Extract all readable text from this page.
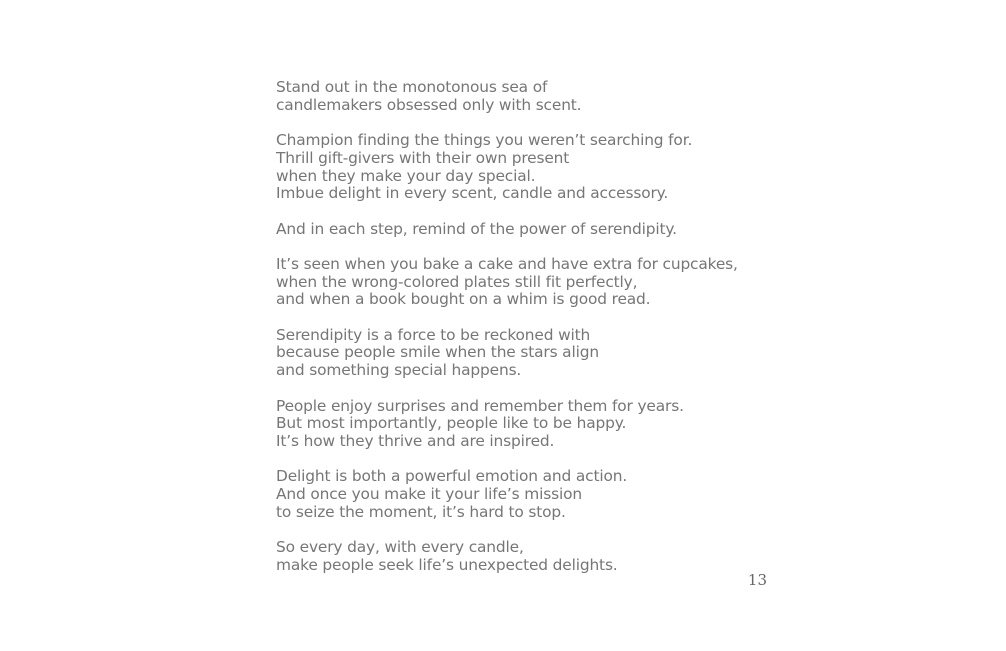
Stand out in the monotonous sea of
candlemakers obsessed only with scent.
Champion finding the things you weren’t searching for.
Thrill gift-givers with their own present
when they make your day special.
Imbue delight in every scent, candle and accessory.
And in each step, remind of the power of serendipity.
It’s seen when you bake a cake and have extra for cupcakes,
when the wrong-colored plates still fit perfectly,
and when a book bought on a whim is good read.
Serendipity is a force to be reckoned with
because people smile when the stars align
and something special happens.
People enjoy surprises and remember them for years.
But most importantly, people like to be happy.
It’s how they thrive and are inspired.
Delight is both a powerful emotion and action.
And once you make it your life’s mission
to seize the moment, it’s hard to stop.
So every day, with every candle,
make people seek life’s unexpected delights.
13
